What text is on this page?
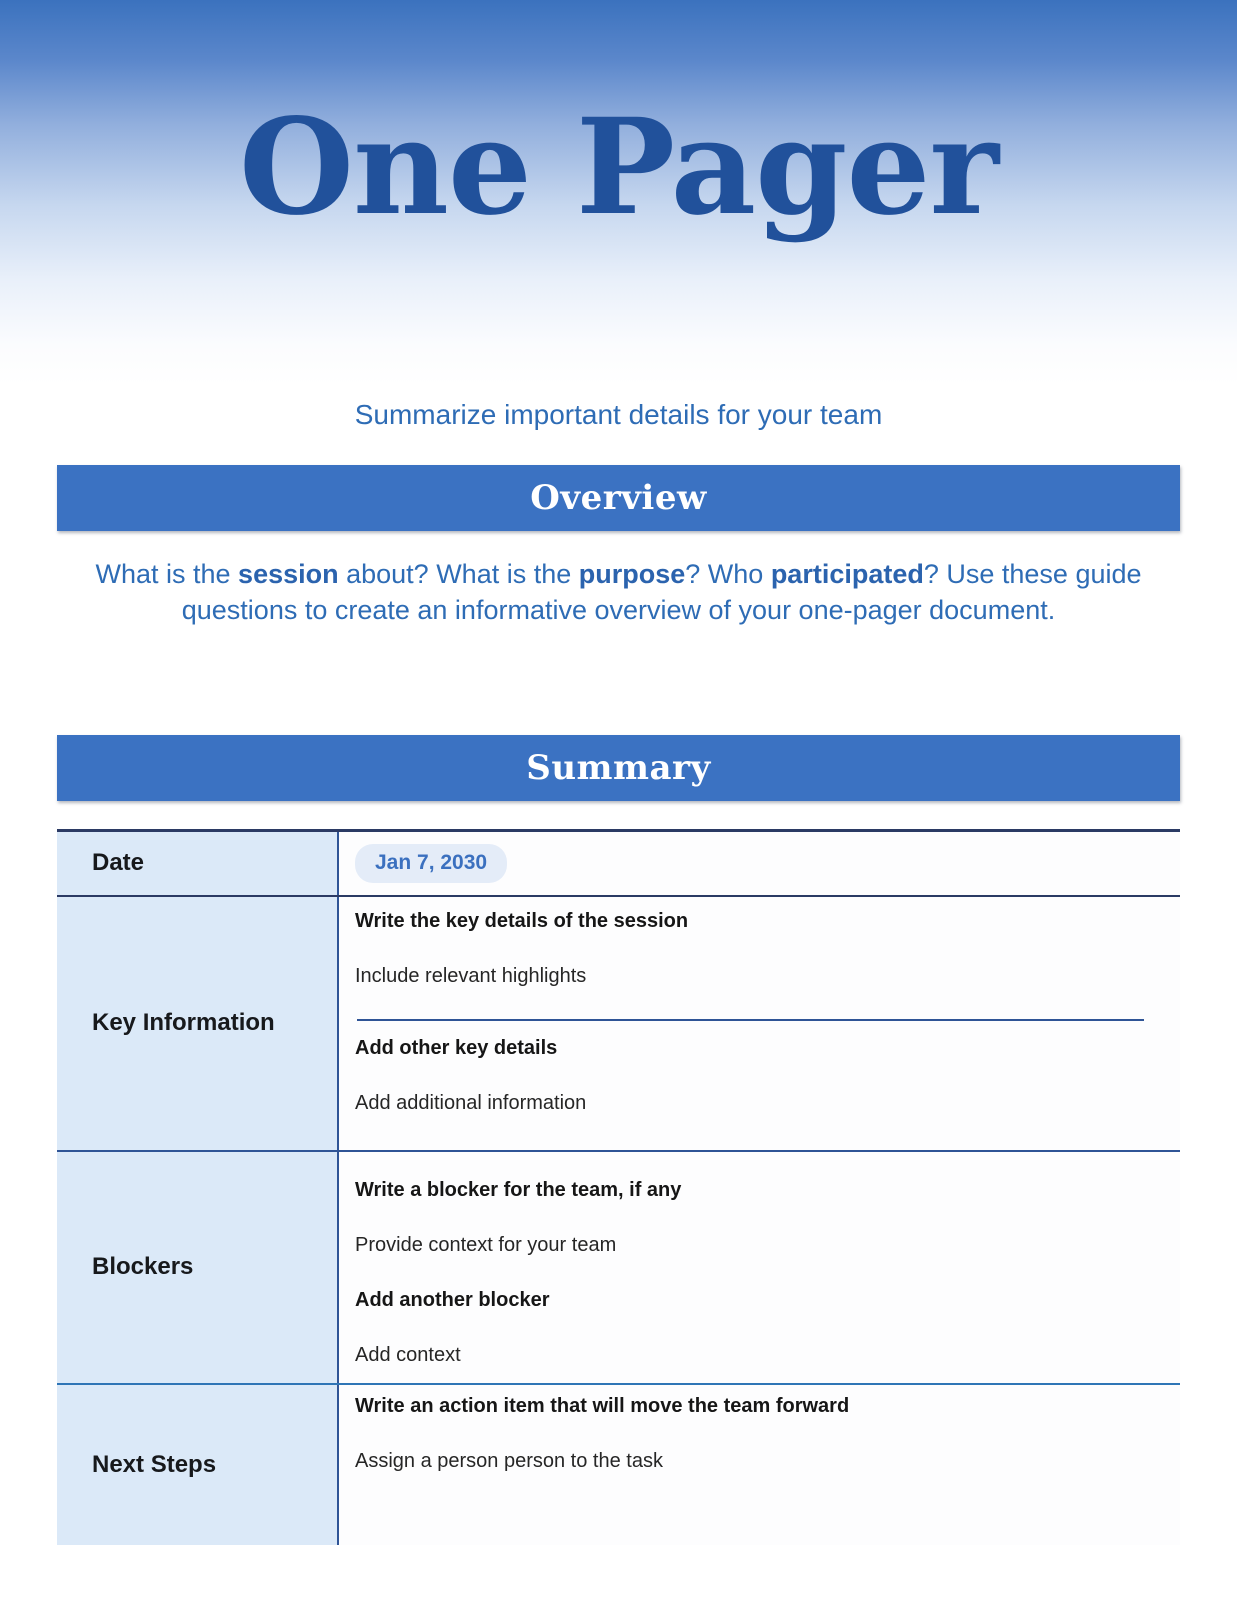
One Pager
Summarize important details for your team
Overview

What is the session about? What is the purpose? Who participated? Use these guide questions to create an informative overview of your one-pager document.

Summary
Date	Jan 7, 2030
Key Information
Write the key details of the session
Include relevant highlights
Add other key details
Add additional information
Blockers
Write a blocker for the team, if any
Provide context for your team
Add another blocker
Add context
Next Steps
Write an action item that will move the team forward
Assign a person person to the task
